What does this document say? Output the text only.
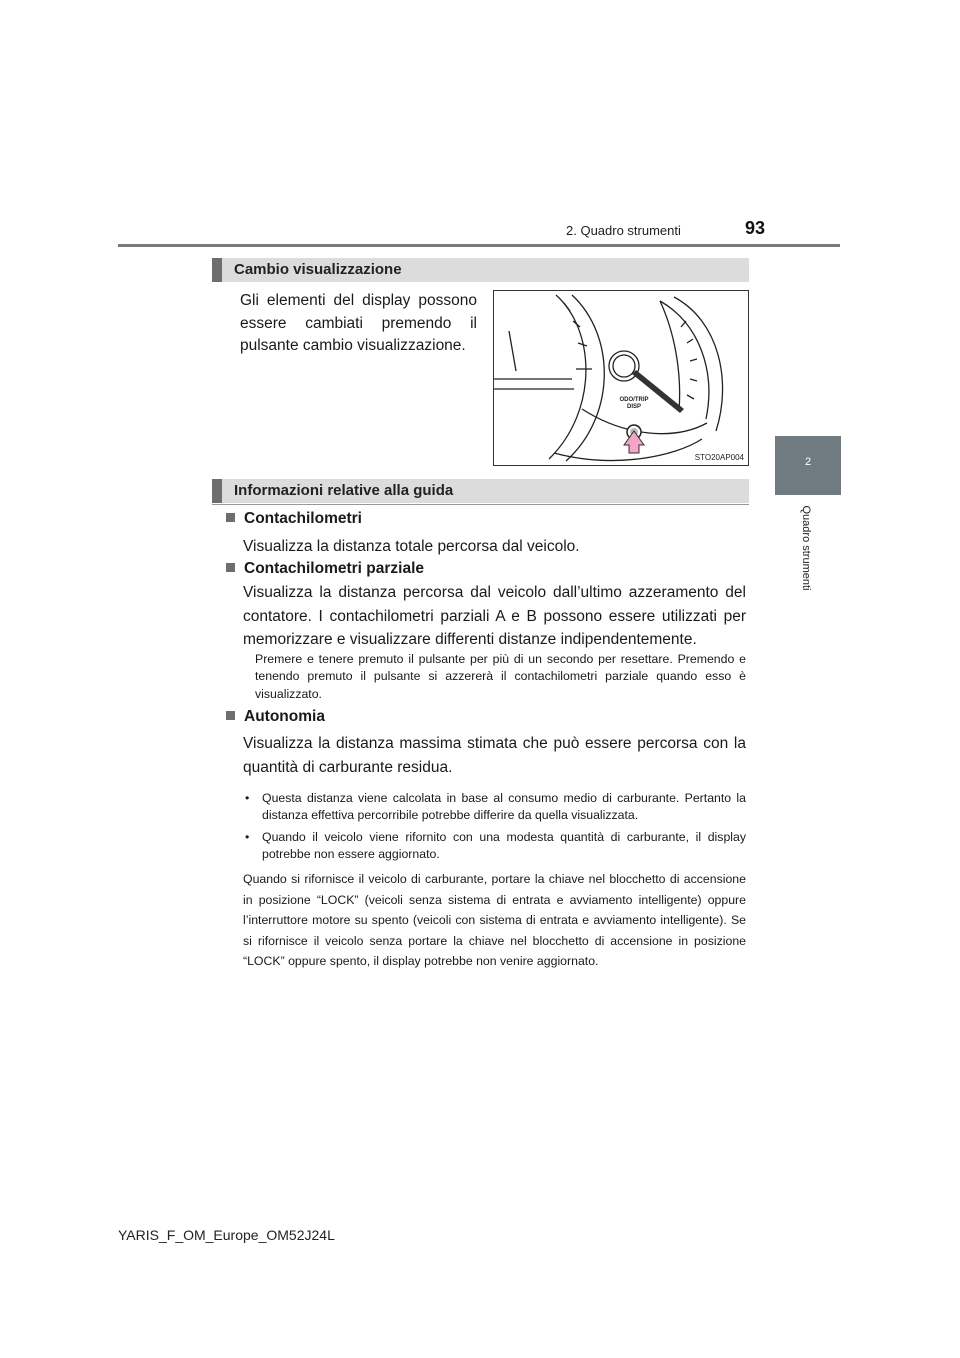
2. Quadro strumenti	93
2
Quadro strumenti
Cambio visualizzazione
Gli elementi del display possono essere cambiati premendo il pulsante cambio visualizzazione.
ODO/TRIP
DISP
STO20AP004
Informazioni relative alla guida
Contachilometri
Visualizza la distanza totale percorsa dal veicolo.
Contachilometri parziale
Visualizza la distanza percorsa dal veicolo dall’ultimo azzeramento del contatore. I contachilometri parziali A e B possono essere utilizzati per memorizzare e visualizzare differenti distanze indipendentemente.
Premere e tenere premuto il pulsante per più di un secondo per resettare. Premendo e tenendo premuto il pulsante si azzererà il contachilometri parziale quando esso è visualizzato.
Autonomia
Visualizza la distanza massima stimata che può essere percorsa con la quantità di carburante residua.
•	Questa distanza viene calcolata in base al consumo medio di carburante. Pertanto la distanza effettiva percorribile potrebbe differire da quella visualizzata.
•	Quando il veicolo viene rifornito con una modesta quantità di carburante, il display potrebbe non essere aggiornato.
Quando si rifornisce il veicolo di carburante, portare la chiave nel blocchetto di accensione in posizione “LOCK” (veicoli senza sistema di entrata e avviamento intelligente) oppure l’interruttore motore su spento (veicoli con sistema di entrata e avviamento intelligente). Se si rifornisce il veicolo senza portare la chiave nel blocchetto di accensione in posizione “LOCK” oppure spento, il display potrebbe non venire aggiornato.
YARIS_F_OM_Europe_OM52J24L
